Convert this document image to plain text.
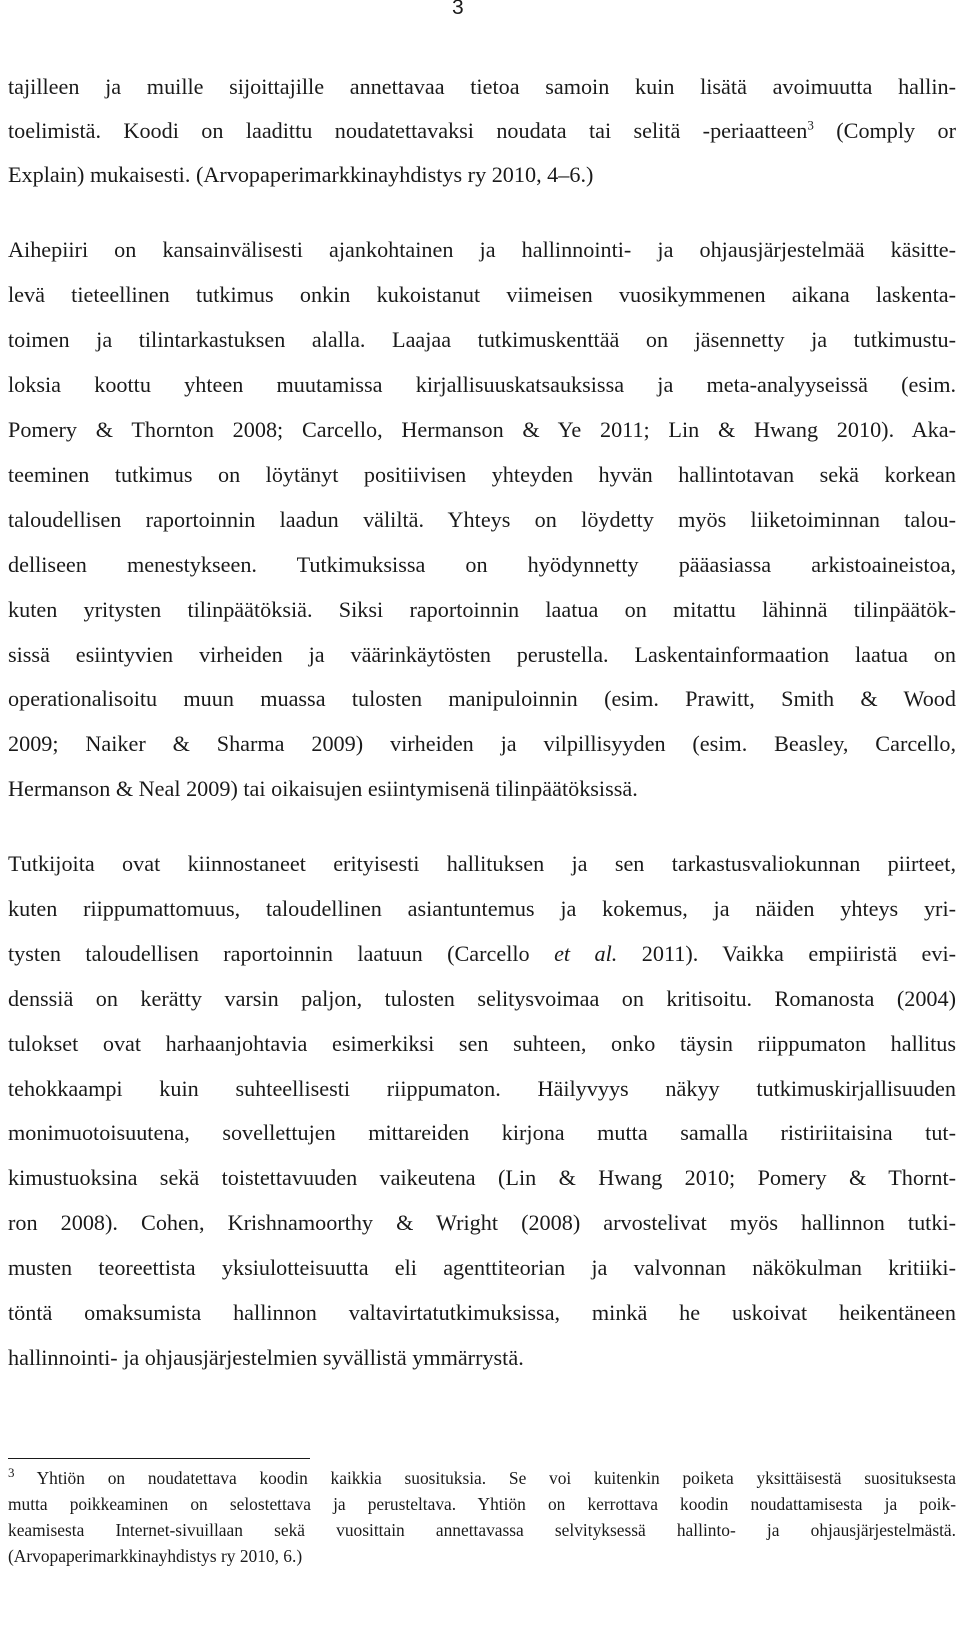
3
tajilleen ja muille sijoittajille annettavaa tietoa samoin kuin lisätä avoimuutta hallin-
toelimistä. Koodi on laadittu noudatettavaksi noudata tai selitä -periaatteen$^3$ (Comply or
Explain) mukaisesti. (Arvopaperimarkkinayhdistys ry 2010, 4–6.)
Aihepiiri on kansainvälisesti ajankohtainen ja hallinnointi- ja ohjausjärjestelmää käsitte-
levä tieteellinen tutkimus onkin kukoistanut viimeisen vuosikymmenen aikana laskenta-
toimen ja tilintarkastuksen alalla. Laajaa tutkimuskenttää on jäsennetty ja tutkimustu-
loksia koottu yhteen muutamissa kirjallisuuskatsauksissa ja meta-analyyseissä (esim.
Pomery & Thornton 2008; Carcello, Hermanson & Ye 2011; Lin & Hwang 2010). Aka-
teeminen tutkimus on löytänyt positiivisen yhteyden hyvän hallintotavan sekä korkean
taloudellisen raportoinnin laadun väliltä. Yhteys on löydetty myös liiketoiminnan talou-
delliseen menestykseen. Tutkimuksissa on hyödynnetty pääasiassa arkistoaineistoa,
kuten yritysten tilinpäätöksiä. Siksi raportoinnin laatua on mitattu lähinnä tilinpäätök-
sissä esiintyvien virheiden ja väärinkäytösten perustella. Laskentainformaation laatua on
operationalisoitu muun muassa tulosten manipuloinnin (esim. Prawitt, Smith & Wood
2009; Naiker & Sharma 2009) virheiden ja vilpillisyyden (esim. Beasley, Carcello,
Hermanson & Neal 2009) tai oikaisujen esiintymisenä tilinpäätöksissä.
Tutkijoita ovat kiinnostaneet erityisesti hallituksen ja sen tarkastusvaliokunnan piirteet,
kuten riippumattomuus, taloudellinen asiantuntemus ja kokemus, ja näiden yhteys yri-
tysten taloudellisen raportoinnin laatuun (Carcello et al. 2011). Vaikka empiiristä evi-
denssiä on kerätty varsin paljon, tulosten selitysvoimaa on kritisoitu. Romanosta (2004)
tulokset ovat harhaanjohtavia esimerkiksi sen suhteen, onko täysin riippumaton hallitus
tehokkaampi kuin suhteellisesti riippumaton. Häilyvyys näkyy tutkimuskirjallisuuden
monimuotoisuutena, sovellettujen mittareiden kirjona mutta samalla ristiriitaisina tut-
kimustuoksina sekä toistettavuuden vaikeutena (Lin & Hwang 2010; Pomery & Thornt-
ron 2008). Cohen, Krishnamoorthy & Wright (2008) arvostelivat myös hallinnon tutki-
musten teoreettista yksiulotteisuutta eli agenttiteorian ja valvonnan näkökulman kritiiki-
töntä omaksumista hallinnon valtavirtatutkimuksissa, minkä he uskoivat heikentäneen
hallinnointi- ja ohjausjärjestelmien syvällistä ymmärrystä.
$^3$ Yhtiön on noudatettava koodin kaikkia suosituksia. Se voi kuitenkin poiketa yksittäisestä suosituksesta
mutta poikkeaminen on selostettava ja perusteltava. Yhtiön on kerrottava koodin noudattamisesta ja poik-
keamisesta Internet-sivuillaan sekä vuosittain annettavassa selvityksessä hallinto- ja ohjausjärjestelmästä.
(Arvopaperimarkkinayhdistys ry 2010, 6.)
